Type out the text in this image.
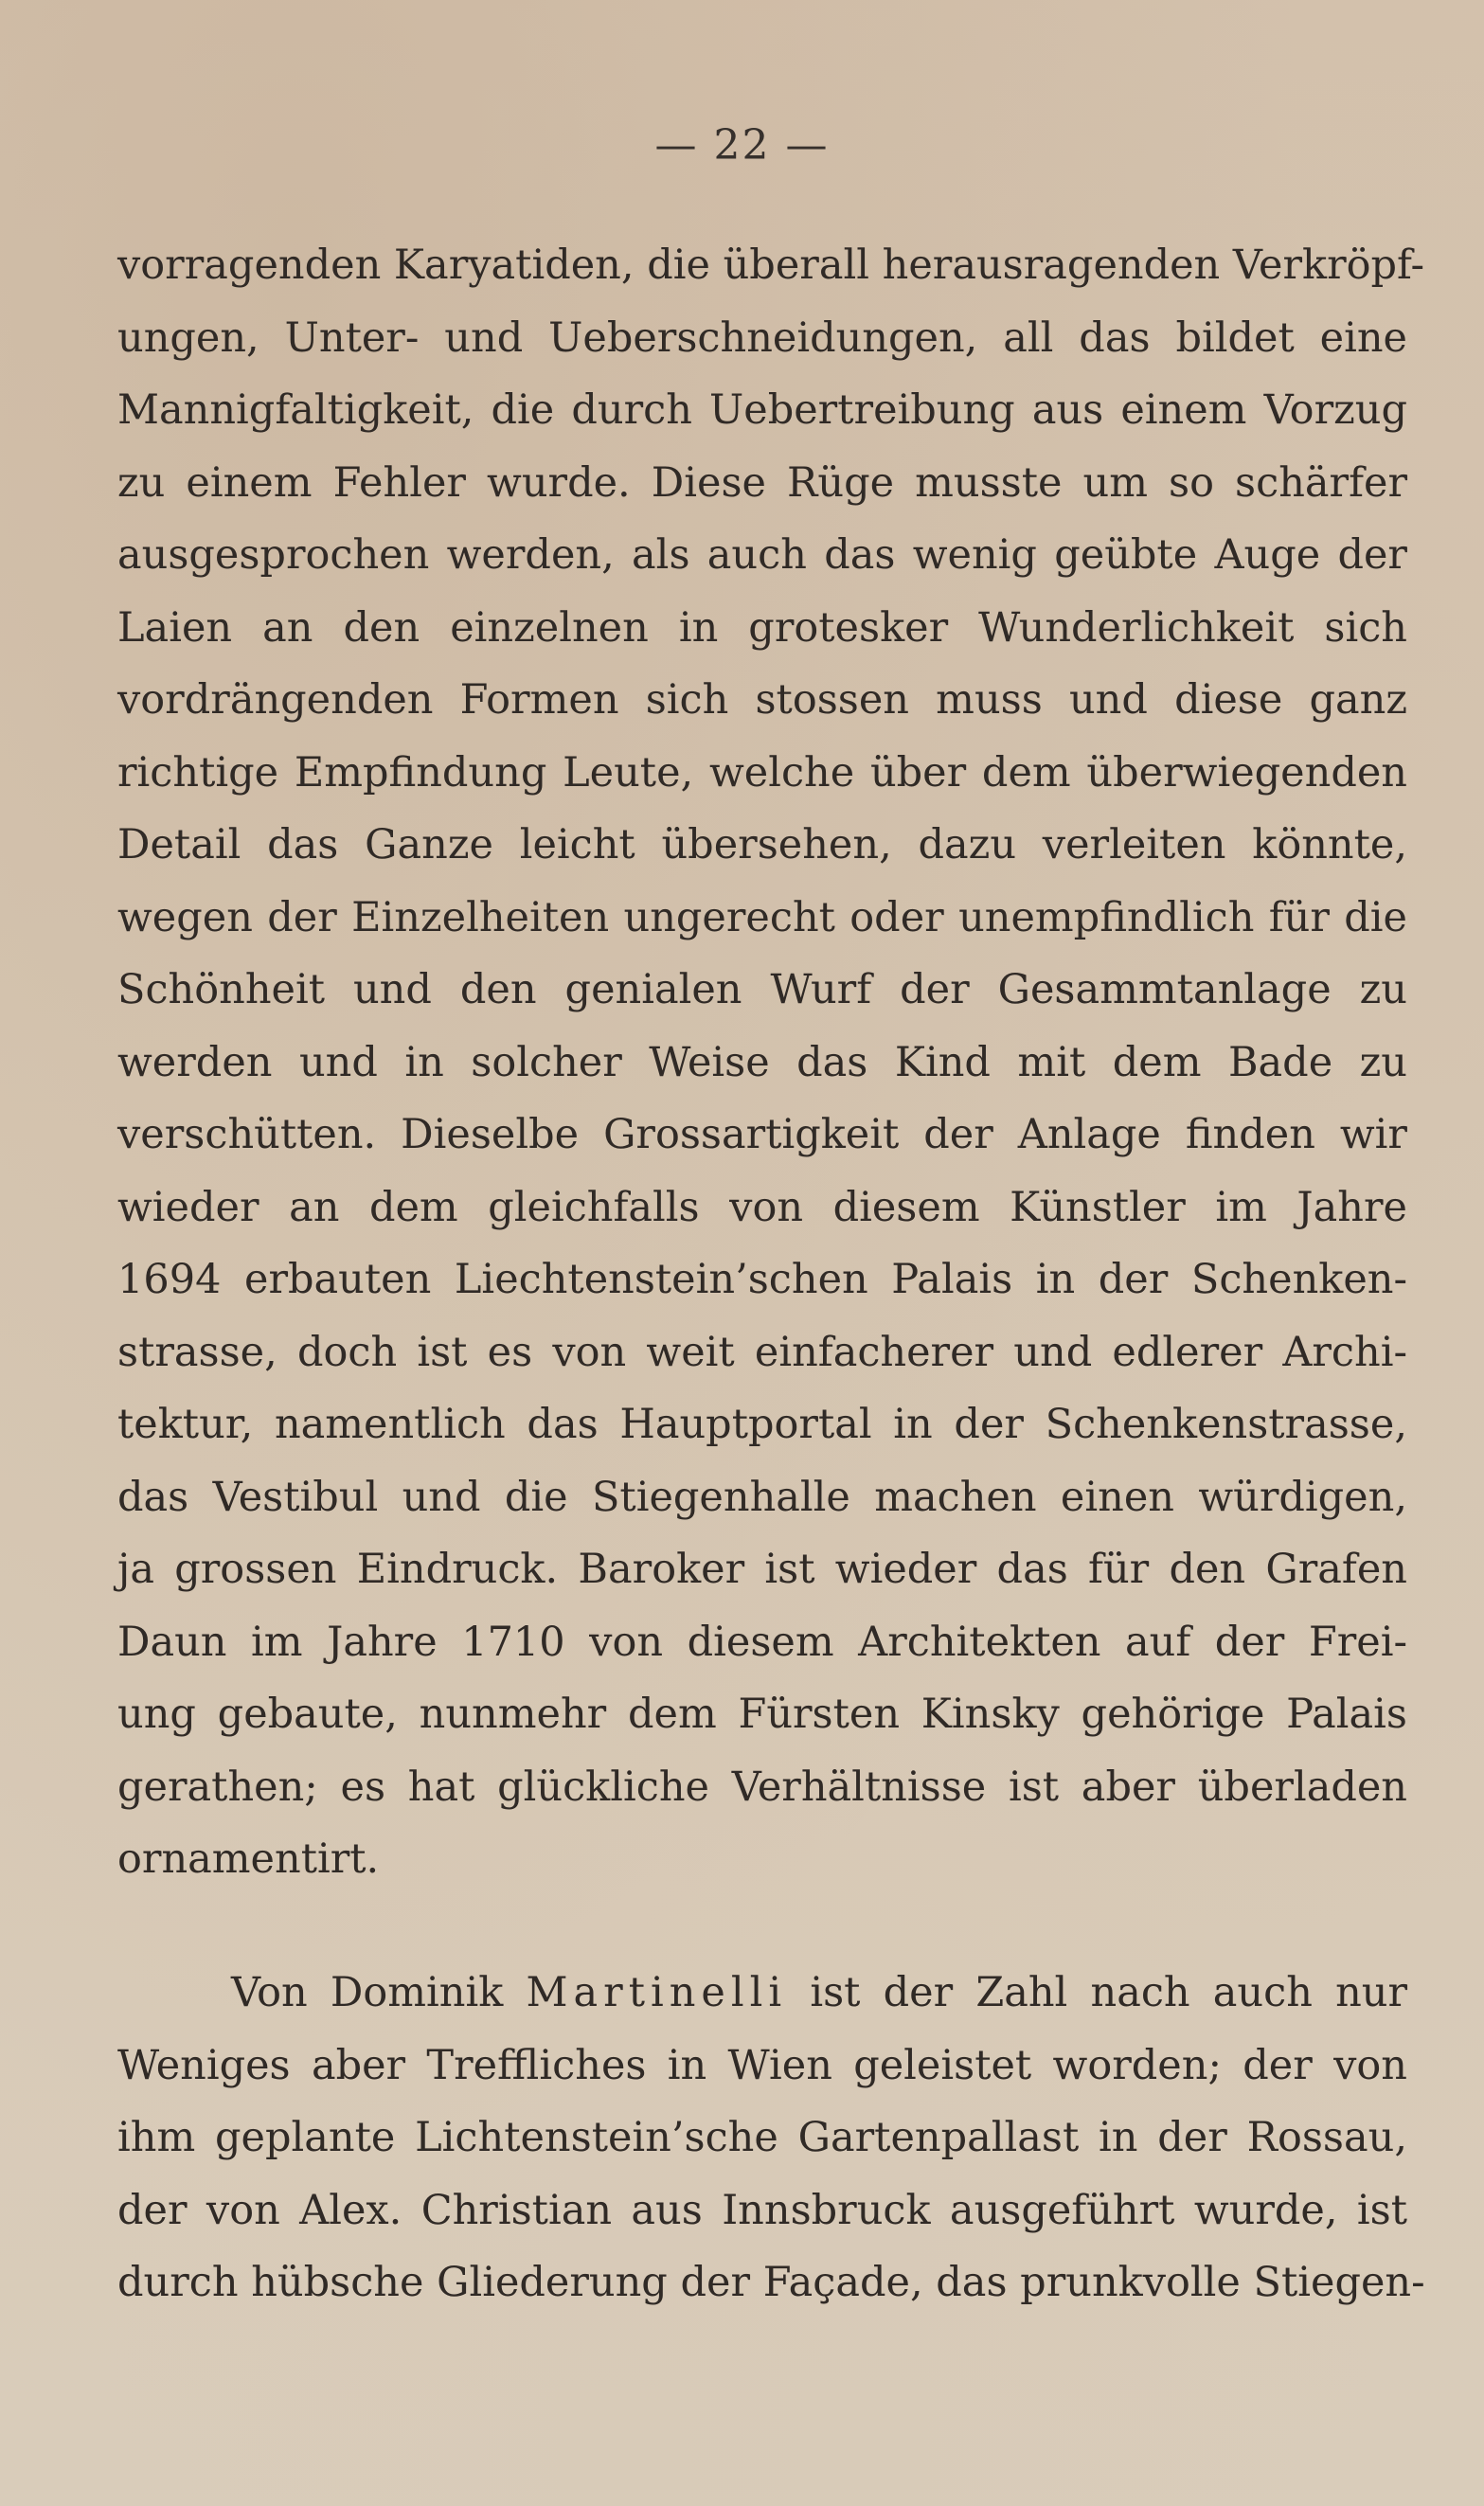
— 22 —
vorragenden Karyatiden, die überall herausragenden Verkröpf-
ungen, Unter- und Ueberschneidungen, all das bildet eine
Mannigfaltigkeit, die durch Uebertreibung aus einem Vorzug
zu einem Fehler wurde. Diese Rüge musste um so schärfer
ausgesprochen werden, als auch das wenig geübte Auge der
Laien an den einzelnen in grotesker Wunderlichkeit sich
vordrängenden Formen sich stossen muss und diese ganz
richtige Empfindung Leute, welche über dem überwiegenden
Detail das Ganze leicht übersehen, dazu verleiten könnte,
wegen der Einzelheiten ungerecht oder unempfindlich für die
Schönheit und den genialen Wurf der Gesammtanlage zu
werden und in solcher Weise das Kind mit dem Bade zu
verschütten. Dieselbe Grossartigkeit der Anlage finden wir
wieder an dem gleichfalls von diesem Künstler im Jahre
1694 erbauten Liechtenstein’schen Palais in der Schenken-
strasse, doch ist es von weit einfacherer und edlerer Archi-
tektur, namentlich das Hauptportal in der Schenkenstrasse,
das Vestibul und die Stiegenhalle machen einen würdigen,
ja grossen Eindruck. Baroker ist wieder das für den Grafen
Daun im Jahre 1710 von diesem Architekten auf der Frei-
ung gebaute, nunmehr dem Fürsten Kinsky gehörige Palais
gerathen; es hat glückliche Verhältnisse ist aber überladen
ornamentirt.
Von Dominik Martinelli ist der Zahl nach auch nur
Weniges aber Treffliches in Wien geleistet worden; der von
ihm geplante Lichtenstein’sche Gartenpallast in der Rossau,
der von Alex. Christian aus Innsbruck ausgeführt wurde, ist
durch hübsche Gliederung der Façade, das prunkvolle Stiegen-
